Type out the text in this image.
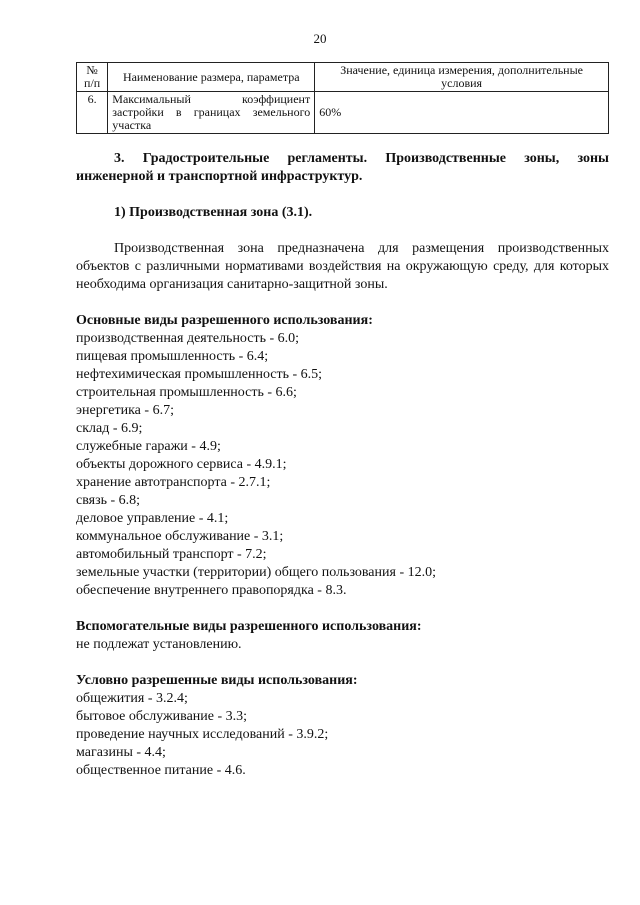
20
№ п/п	Наименование размера, параметра	Значение, единица измерения, дополнительные условия
6.	Максимальный коэффициент застройки в границах земельного участка	60%

3. Градостроительные регламенты. Производственные зоны, зоны инженерной и транспортной инфраструктур.

1) Производственная зона (3.1).

Производственная зона предназначена для размещения производственных объектов с различными нормативами воздействия на окружающую среду, для которых необходима организация санитарно-защитной зоны.

Основные виды разрешенного использования:

производственная деятельность - 6.0;
пищевая промышленность - 6.4;
нефтехимическая промышленность - 6.5;
строительная промышленность - 6.6;
энергетика - 6.7;
склад - 6.9;
служебные гаражи - 4.9;
объекты дорожного сервиса - 4.9.1;
хранение автотранспорта - 2.7.1;
связь - 6.8;
деловое управление - 4.1;
коммунальное обслуживание - 3.1;
автомобильный транспорт - 7.2;
земельные участки (территории) общего пользования - 12.0;
обеспечение внутреннего правопорядка - 8.3.

Вспомогательные виды разрешенного использования:

не подлежат установлению.

Условно разрешенные виды использования:

общежития - 3.2.4;
бытовое обслуживание - 3.3;
проведение научных исследований - 3.9.2;
магазины - 4.4;
общественное питание - 4.6.
